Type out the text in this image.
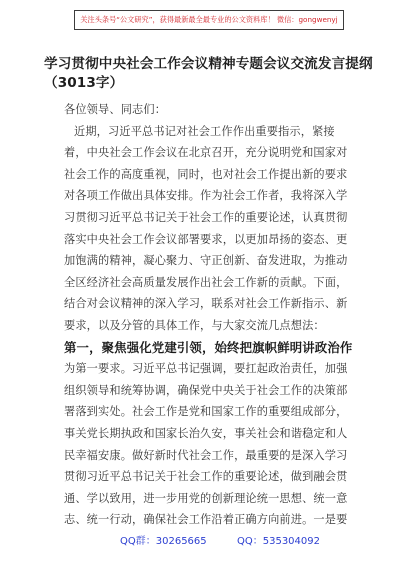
关注头条号“公文研究”，获得最新最全最专业的公文资料库！ 微信：gongwenyj
学习贯彻中央社会工作会议精神专题会议交流发言提纲
（3013字）
各位领导、同志们：
近期，习近平总书记对社会工作作出重要指示，紧接
着，中央社会工作会议在北京召开，充分说明党和国家对
社会工作的高度重视，同时，也对社会工作提出新的要求
对各项工作做出具体安排。作为社会工作者，我将深入学
习贯彻习近平总书记关于社会工作的重要论述，认真贯彻
落实中央社会工作会议部署要求，以更加昂扬的姿态、更
加饱满的精神，凝心聚力、守正创新、奋发进取，为推动
全区经济社会高质量发展作出社会工作新的贡献。下面，
结合对会议精神的深入学习，联系对社会工作新指示、新
要求，以及分管的具体工作，与大家交流几点想法：
第一，聚焦强化党建引领，始终把旗帜鲜明讲政治作
为第一要求。习近平总书记强调，要扛起政治责任，加强
组织领导和统筹协调，确保党中央关于社会工作的决策部
署落到实处。社会工作是党和国家工作的重要组成部分，
事关党长期执政和国家长治久安，事关社会和谐稳定和人
民幸福安康。做好新时代社会工作，最重要的是深入学习
贯彻习近平总书记关于社会工作的重要论述，做到融会贯
通、学以致用，进一步用党的创新理论统一思想、统一意
志、统一行动，确保社会工作沿着正确方向前进。一是要
QQ群：30265665	QQ：535304092
